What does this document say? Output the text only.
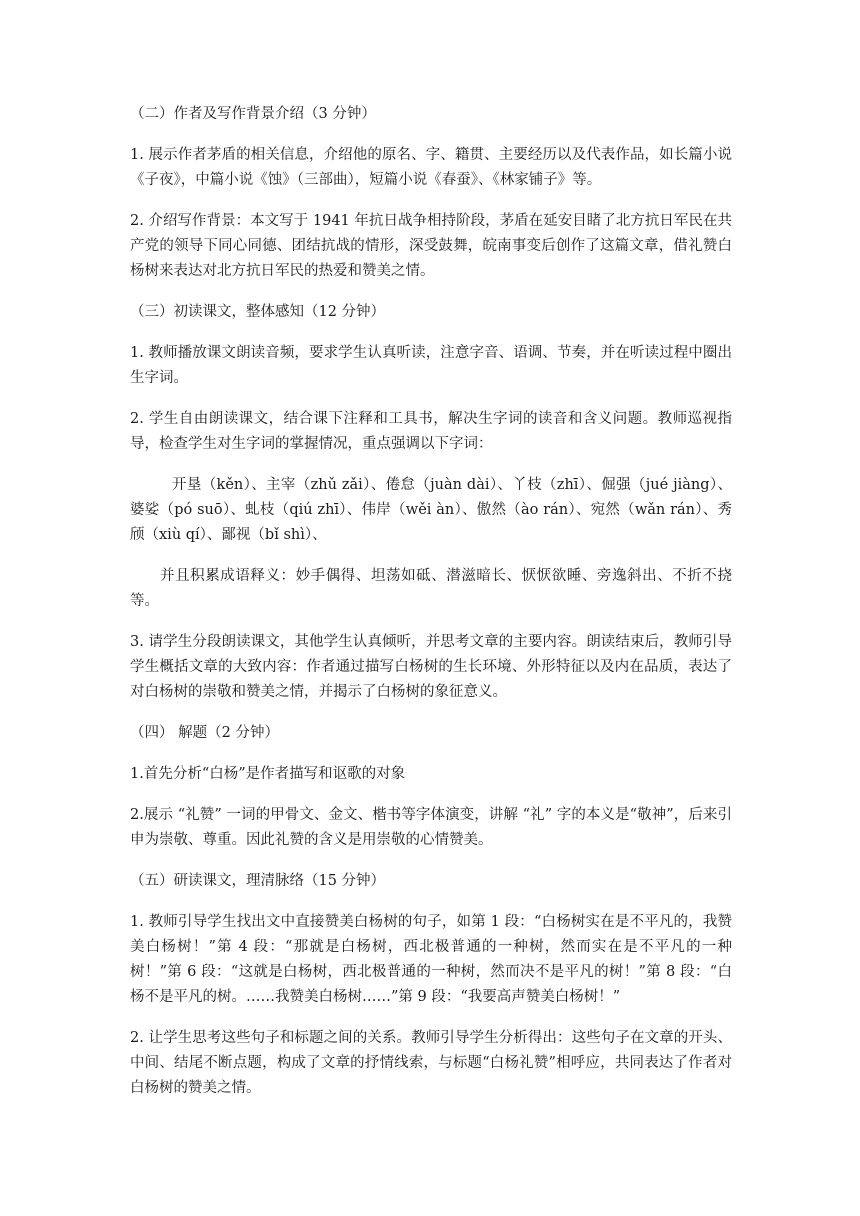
（二）作者及写作背景介绍（3 分钟）

1. 展示作者茅盾的相关信息，介绍他的原名、字、籍贯、主要经历以及代表作品，如长篇小说《子夜》，中篇小说《蚀》（三部曲），短篇小说《春蚕》、《林家铺子》等。

2. 介绍写作背景：本文写于 1941 年抗日战争相持阶段，茅盾在延安目睹了北方抗日军民在共产党的领导下同心同德、团结抗战的情形，深受鼓舞，皖南事变后创作了这篇文章，借礼赞白杨树来表达对北方抗日军民的热爱和赞美之情。

（三）初读课文，整体感知（12 分钟）

1. 教师播放课文朗读音频，要求学生认真听读，注意字音、语调、节奏，并在听读过程中圈出生字词。

2. 学生自由朗读课文，结合课下注释和工具书，解决生字词的读音和含义问题。教师巡视指导，检查学生对生字词的掌握情况，重点强调以下字词：

开垦（kěn）、主宰（zhǔ zǎi）、倦怠（juàn dài）、丫枝（zhī）、倔强（jué jiàng）、婆娑（pó suō）、虬枝（qiú zhī）、伟岸（wěi àn）、傲然（ào rán）、宛然（wǎn rán）、秀颀（xiù qí）、鄙视（bǐ shì）、

并且积累成语释义：妙手偶得、坦荡如砥、潜滋暗长、恹恹欲睡、旁逸斜出、不折不挠等。

3. 请学生分段朗读课文，其他学生认真倾听，并思考文章的主要内容。朗读结束后，教师引导学生概括文章的大致内容：作者通过描写白杨树的生长环境、外形特征以及内在品质，表达了对白杨树的崇敬和赞美之情，并揭示了白杨树的象征意义。

（四） 解题（2 分钟）

1.首先分析“白杨”是作者描写和讴歌的对象

2.展示 “礼赞” 一词的甲骨文、金文、楷书等字体演变，讲解 “礼” 字的本义是“敬神”，后来引申为崇敬、尊重。因此礼赞的含义是用崇敬的心情赞美。

（五）研读课文，理清脉络（15 分钟）

1. 教师引导学生找出文中直接赞美白杨树的句子，如第 1 段：“白杨树实在是不平凡的，我赞美白杨树！”第 4 段：“那就是白杨树，西北极普通的一种树，然而实在是不平凡的一种树！”第 6 段：“这就是白杨树，西北极普通的一种树，然而决不是平凡的树！”第 8 段：“白杨不是平凡的树。……我赞美白杨树……”第 9 段：“我要高声赞美白杨树！”

2. 让学生思考这些句子和标题之间的关系。教师引导学生分析得出：这些句子在文章的开头、中间、结尾不断点题，构成了文章的抒情线索，与标题“白杨礼赞”相呼应，共同表达了作者对白杨树的赞美之情。
